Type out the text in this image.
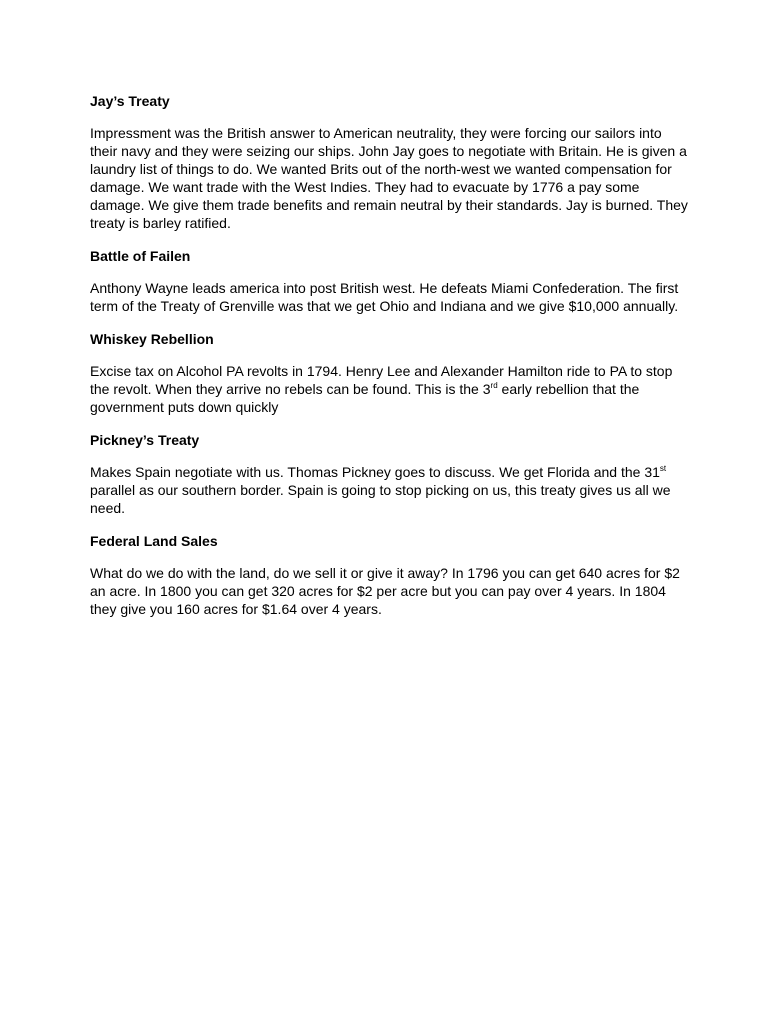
Jay’s Treaty

Impressment was the British answer to American neutrality, they were forcing our sailors into their navy and they were seizing our ships. John Jay goes to negotiate with Britain. He is given a laundry list of things to do. We wanted Brits out of the north-west we wanted compensation for damage. We want trade with the West Indies. They had to evacuate by 1776 a pay some damage. We give them trade benefits and remain neutral by their standards. Jay is burned. They treaty is barley ratified.

Battle of Failen

Anthony Wayne leads america into post British west. He defeats Miami Confederation. The first term of the Treaty of Grenville was that we get Ohio and Indiana and we give $10,000 annually.

Whiskey Rebellion

Excise tax on Alcohol PA revolts in 1794. Henry Lee and Alexander Hamilton ride to PA to stop the revolt. When they arrive no rebels can be found. This is the 3rd early rebellion that the government puts down quickly

Pickney’s Treaty

Makes Spain negotiate with us. Thomas Pickney goes to discuss. We get Florida and the 31st parallel as our southern border. Spain is going to stop picking on us, this treaty gives us all we need.

Federal Land Sales

What do we do with the land, do we sell it or give it away? In 1796 you can get 640 acres for $2 an acre. In 1800 you can get 320 acres for $2 per acre but you can pay over 4 years. In 1804 they give you 160 acres for $1.64 over 4 years.
